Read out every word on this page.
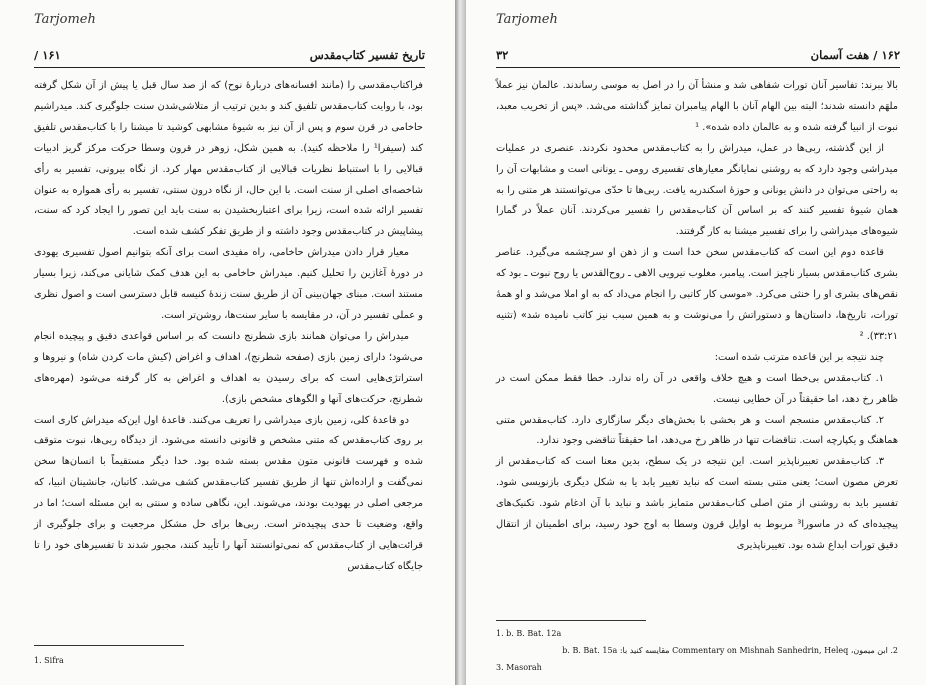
Tarjomeh
تاریخ تفسیر کتاب‌مقدس
/ ۱۶۱

فراکتاب‌مقدسی را (مانند افسانه‌های دربارهٔ نوح) که از صد سال قبل یا پیش از آن شکل گرفته بود، با روایت کتاب‌مقدس تلفیق کند و بدین ترتیب از متلاشی‌شدن سنت جلوگیری کند. میدراشیم حاخامی در قرن سوم و پس از آن نیز به شیوهٔ مشابهی کوشید تا میشنا را با کتاب‌مقدس تلفیق کند (سیفرا¹ را ملاحظه کنید). به همین شکل، زوهر در قرون وسطا حرکت مرکز گریز ادبیات قبالایی را با استنباط نظریات قبالایی از کتاب‌مقدس مهار کرد. از نگاه بیرونی، تفسیر به رأی شاخصه‌ای اصلی از سنت است. با این حال، از نگاه درون سنتی، تفسیر به رأی همواره به عنوان تفسیر ارائه شده است، زیرا برای اعتباربخشیدن به سنت باید این تصور را ایجاد کرد که سنت، پیشاپیش در کتاب‌مقدس وجود داشته و از طریق تفکر کشف شده است.

معیار قرار دادن میدراش حاخامی، راه مفیدی است برای آنکه بتوانیم اصول تفسیری یهودی در دورهٔ آغازین را تحلیل کنیم. میدراش حاخامی به این هدف کمک شایانی می‌کند، زیرا بسیار مستند است. مبنای جهان‌بینی آن از طریق سنت زندهٔ کنیسه قابل دسترسی است و اصول نظری و عملی تفسیر در آن، در مقایسه با سایر سنت‌ها، روشن‌تر است.

میدراش را می‌توان همانند بازی شطرنج دانست که بر اساس قواعدی دقیق و پیچیده انجام می‌شود؛ دارای زمین بازی (صفحه شطرنج)، اهداف و اغراض (کیش مات کردن شاه) و نیروها و استراتژی‌هایی است که برای رسیدن به اهداف و اغراض به کار گرفته می‌شود (مهره‌های شطرنج، حرکت‌های آنها و الگوهای مشخص بازی).

دو قاعدهٔ کلی، زمین بازی میدراشی را تعریف می‌کنند. قاعدهٔ اول این‌که میدراش کاری است بر روی کتاب‌مقدس که متنی مشخص و قانونی دانسته می‌شود. از دیدگاه ربی‌ها، نبوت متوقف شده و فهرست قانونی متون مقدس بسته شده بود. خدا دیگر مستقیماً با انسان‌ها سخن نمی‌گفت و اراده‌اش تنها از طریق تفسیر کتاب‌مقدس کشف می‌شد. کاتبان، جانشینان انبیا، که مرجعی اصلی در یهودیت بودند، می‌شوند. این، نگاهی ساده و سنتی به این مسئله است؛ اما در واقع، وضعیت تا حدی پیچیده‌تر است. ربی‌ها برای حل مشکل مرجعیت و برای جلوگیری از قرائت‌هایی از کتاب‌مقدس که نمی‌توانستند آنها را تأیید کنند، مجبور شدند تا تفسیرهای خود را تا جایگاه کتاب‌مقدس

1. Sifra
Tarjomeh
۱۶۲ / هفت آسمان
۳۲

بالا ببرند: تفاسیر آنان تورات شفاهی شد و منشأ آن را در اصل به موسی رساندند. عالمان نیز عملاً ملهَم دانسته شدند؛ البته بین الهام آنان با الهام پیامبران تمایز گذاشته می‌شد. «پس از تخریب معبد، نبوت از انبیا گرفته شده و به عالمان داده شده». ¹

از این گذشته، ربی‌ها در عمل، میدراش را به کتاب‌مقدس محدود نکردند. عنصری در عملیات میدراشی وجود دارد که به روشنی نمایانگر معیارهای تفسیری رومی ـ یونانی است و مشابهات آن را به راحتی می‌توان در دانش یونانی و حوزهٔ اسکندریه یافت. ربی‌ها تا حدّی می‌توانستند هر متنی را به همان شیوهٔ تفسیر کنند که بر اساس آن کتاب‌مقدس را تفسیر می‌کردند. آنان عملاً در گمارا شیوه‌های میدراشی را برای تفسیر میشنا به کار گرفتند.

قاعده دوم این است که کتاب‌مقدس سخن خدا است و از ذهن او سرچشمه می‌گیرد. عناصر بشری کتاب‌مقدس بسیار ناچیز است. پیامبر، مغلوب نیرویی الاهی ـ روح‌القدس یا روح نبوت ـ بود که نقص‌های بشری او را خنثی می‌کرد. «موسی کار کاتبی را انجام می‌داد که به او املا می‌شد و او همهٔ تورات، تاریخ‌ها، داستان‌ها و دستوراتش را می‌نوشت و به همین سبب نیز کاتب نامیده شد» (تثنیه ۳۳:۲۱). ²

چند نتیجه بر این قاعده مترتب شده است:

۱. کتاب‌مقدس بی‌خطا است و هیچ خلاف واقعی در آن راه ندارد. خطا فقط ممکن است در ظاهر رخ دهد، اما حقیقتاً در آن خطایی نیست.

۲. کتاب‌مقدس منسجم است و هر بخشی با بخش‌های دیگر سازگاری دارد. کتاب‌مقدس متنی هماهنگ و یکپارچه است. تناقضات تنها در ظاهر رخ می‌دهد، اما حقیقتاً تناقضی وجود ندارد.

۳. کتاب‌مقدس تعبیرناپذیر است. این نتیجه در یک سطح، بدین معنا است که کتاب‌مقدس از تعرض مصون است؛ یعنی متنی بسته است که نباید تغییر یابد یا به شکل دیگری بازنویسی شود. تفسیر باید به روشنی از متن اصلی کتاب‌مقدس متمایز باشد و نباید با آن ادغام شود. تکنیک‌های پیچیده‌ای که در ماسورا³ مربوط به اوایل قرون وسطا به اوج خود رسید، برای اطمینان از انتقال دقیق تورات ابداع شده بود. تغییرناپذیری

1. b. B. Bat. 12a
2. ابن میمون، Commentary on Mishnah Sanhedrin, Heleq مقایسه کنید با: b. B. Bat. 15a
3. Masorah
